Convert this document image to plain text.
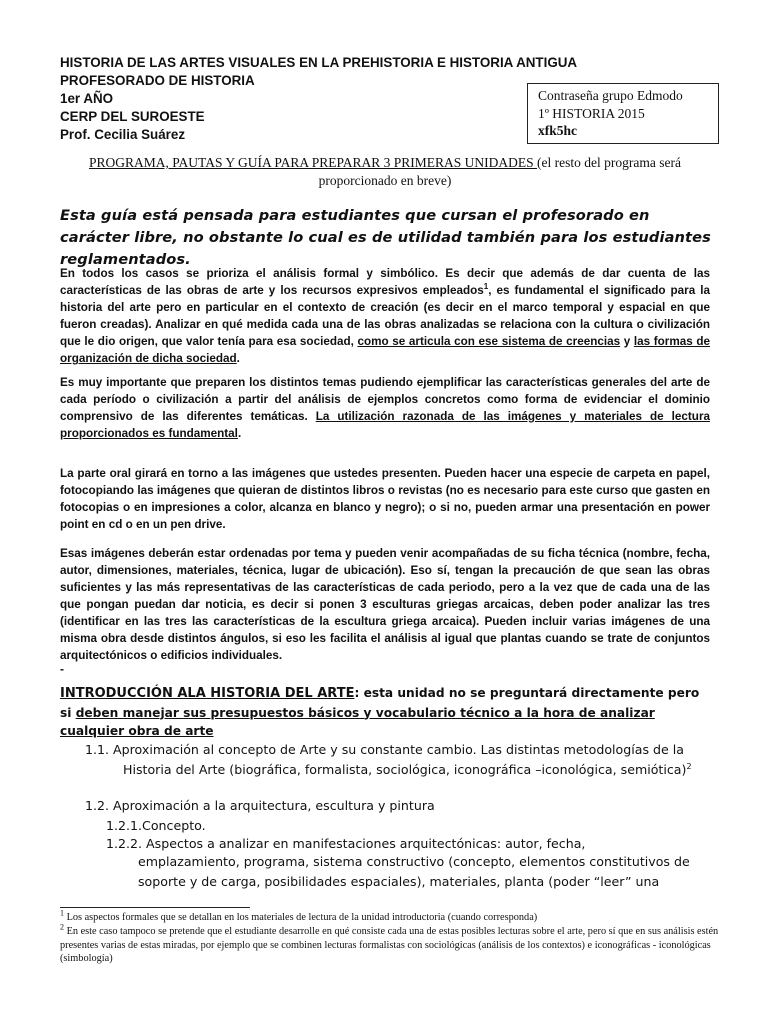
HISTORIA DE LAS ARTES VISUALES EN LA PREHISTORIA E HISTORIA ANTIGUA
PROFESORADO DE HISTORIA
1er AÑO
CERP DEL SUROESTE
Prof. Cecilia Suárez
Contraseña grupo Edmodo
1º HISTORIA 2015
xfk5hc
PROGRAMA, PAUTAS Y GUÍA PARA PREPARAR 3 PRIMERAS UNIDADES (el resto del programa será proporcionado en breve)
Esta guía está pensada para estudiantes que cursan el profesorado en carácter libre, no obstante lo cual es de utilidad también para los estudiantes reglamentados.
En todos los casos se prioriza el análisis formal y simbólico. Es decir que además de dar cuenta de las características de las obras de arte y los recursos expresivos empleados$^1$, es fundamental el significado para la historia del arte pero en particular en el contexto de creación (es decir en el marco temporal y espacial en que fueron creadas). Analizar en qué medida cada una de las obras analizadas se relaciona con la cultura o civilización que le dio origen, que valor tenía para esa sociedad, como se articula con ese sistema de creencias y las formas de organización de dicha sociedad.
Es muy importante que preparen los distintos temas pudiendo ejemplificar las características generales del arte de cada período o civilización a partir del análisis de ejemplos concretos como forma de evidenciar el dominio comprensivo de las diferentes temáticas. La utilización razonada de las imágenes y materiales de lectura proporcionados es fundamental.
La parte oral girará en torno a las imágenes que ustedes presenten. Pueden hacer una especie de carpeta en papel, fotocopiando las imágenes que quieran de distintos libros o revistas (no es necesario para este curso que gasten en fotocopias o en impresiones a color, alcanza en blanco y negro); o si no, pueden armar una presentación en power point en cd o en un pen drive.
Esas imágenes deberán estar ordenadas por tema y pueden venir acompañadas de su ficha técnica (nombre, fecha, autor, dimensiones, materiales, técnica, lugar de ubicación). Eso sí, tengan la precaución de que sean las obras suficientes y las más representativas de las características de cada periodo, pero a la vez que de cada una de las que pongan puedan dar noticia, es decir si ponen 3 esculturas griegas arcaicas, deben poder analizar las tres (identificar en las tres las características de la escultura griega arcaica). Pueden incluir varias imágenes de una misma obra desde distintos ángulos, si eso les facilita el análisis al igual que plantas cuando se trate de conjuntos arquitectónicos o edificios individuales.
-
INTRODUCCIÓN ALA HISTORIA DEL ARTE: esta unidad no se preguntará directamente pero si deben manejar sus presupuestos básicos y vocabulario técnico a la hora de analizar cualquier obra de arte
1.1. Aproximación al concepto de Arte y su constante cambio. Las distintas metodologías de la
Historia del Arte (biográfica, formalista, sociológica, iconográfica –iconológica, semiótica)$^2$
1.2. Aproximación a la arquitectura, escultura y pintura
1.2.1.Concepto.
1.2.2. Aspectos a analizar en manifestaciones arquitectónicas: autor, fecha,
emplazamiento, programa, sistema constructivo (concepto, elementos constitutivos de
soporte y de carga, posibilidades espaciales), materiales, planta (poder “leer” una
$^1$ Los aspectos formales que se detallan en los materiales de lectura de la unidad introductoria (cuando corresponda)
$^2$ En este caso tampoco se pretende que el estudiante desarrolle en qué consiste cada una de estas posibles lecturas sobre el arte, pero sí que en sus análisis estén presentes varias de estas miradas, por ejemplo que se combinen lecturas formalistas con sociológicas (análisis de los contextos) e iconográficas - iconológicas (simbología)
